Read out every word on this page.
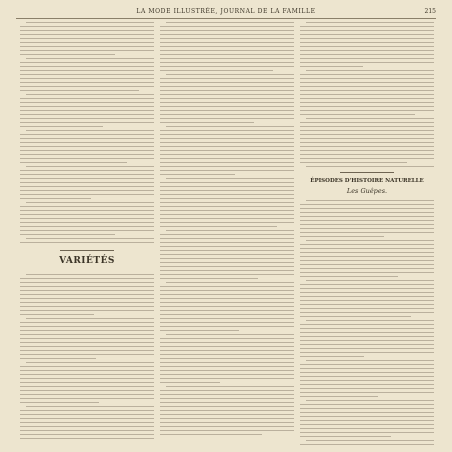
LA MODE ILLUSTRÉE, JOURNAL DE LA FAMILLE	215
VARIÉTÉS
ÉPISODES D'HISTOIRE NATURELLE
Les Guêpes.
